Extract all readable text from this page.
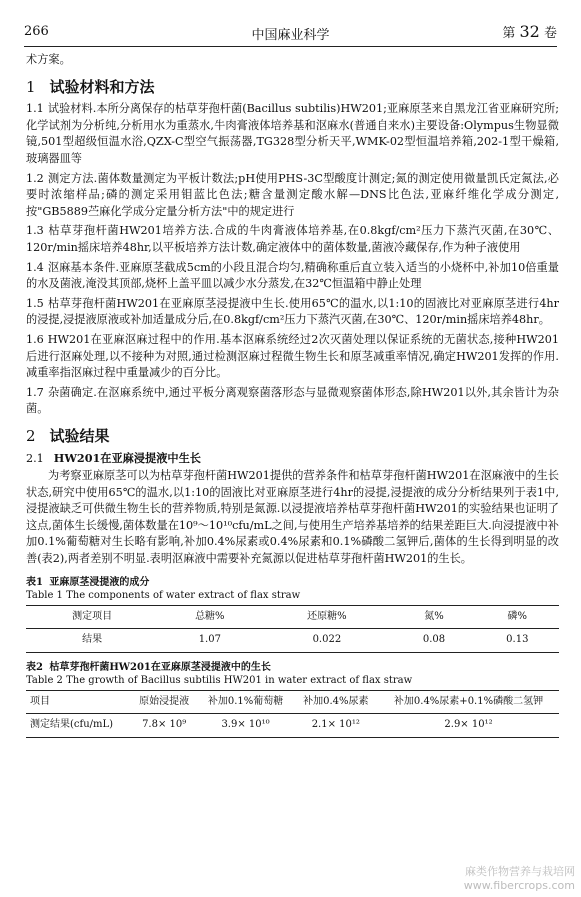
266	中国麻业科学	第 32 卷

术方案。

1 试验材料和方法

1.1 试验材料.本所分离保存的枯草芽孢杆菌(Bacillus subtilis)HW201;亚麻原茎来自黑龙江省亚麻研究所;化学试剂为分析纯,分析用水为重蒸水,牛肉膏液体培养基和沤麻水(普通自来水)主要设备:Olympus生物显微镜,501型超级恒温水浴,QZX-C型空气振荡器,TG328型分析天平,WMK-02型恒温培养箱,202-1型干燥箱,玻璃器皿等

1.2 测定方法.菌体数量测定为平板计数法;pH使用PHS-3C型酸度计测定;氮的测定使用微量凯氏定氮法,必要时浓缩样品;磷的测定采用钼蓝比色法;糖含量测定酸水解—DNS比色法,亚麻纤维化学成分测定,按"GB5889苎麻化学成分定量分析方法"中的规定进行

1.3 枯草芽孢杆菌HW201培养方法.合成的牛肉膏液体培养基,在0.8kgf/cm²压力下蒸汽灭菌,在30℃、120r/min摇床培养48hr,以平板培养方法计数,确定液体中的菌体数量,菌液冷藏保存,作为种子液使用

1.4 沤麻基本条件.亚麻原茎截成5cm的小段且混合均匀,精确称重后直立装入适当的小烧杯中,补加10倍重量的水及菌液,淹没其顶部,烧杯上盖平皿以减少水分蒸发,在32℃恒温箱中静止处理

1.5 枯草芽孢杆菌HW201在亚麻原茎浸提液中生长.使用65℃的温水,以1:10的固液比对亚麻原茎进行4hr的浸提,浸提液原液或补加适量成分后,在0.8kgf/cm²压力下蒸汽灭菌,在30℃、120r/min摇床培养48hr。

1.6 HW201在亚麻沤麻过程中的作用.基本沤麻系统经过2次灭菌处理以保证系统的无菌状态,接种HW201后进行沤麻处理,以不接种为对照,通过检测沤麻过程微生物生长和原茎减重率情况,确定HW201发挥的作用.减重率指沤麻过程中重量减少的百分比。

1.7 杂菌确定.在沤麻系统中,通过平板分离观察菌落形态与显微观察菌体形态,除HW201以外,其余皆计为杂菌。

2 试验结果

2.1 HW201在亚麻浸提液中生长

为考察亚麻原茎可以为枯草芽孢杆菌HW201提供的营养条件和枯草芽孢杆菌HW201在沤麻液中的生长状态,研究中使用65℃的温水,以1:10的固液比对亚麻原茎进行4hr的浸提,浸提液的成分分析结果列于表1中,浸提液缺乏可供微生物生长的营养物质,特别是氮源.以浸提液培养枯草芽孢杆菌HW201的实验结果也证明了这点,菌体生长缓慢,菌体数量在10⁹～10¹⁰cfu/mL之间,与使用生产培养基培养的结果差距巨大.向浸提液中补加0.1%葡萄糖对生长略有影响,补加0.4%尿素或0.4%尿素和0.1%磷酸二氢钾后,菌体的生长得到明显的改善(表2),两者差别不明显.表明沤麻液中需要补充氮源以促进枯草芽孢杆菌HW201的生长。

表1 亚麻原茎浸提液的成分
Table 1 The components of water extract of flax straw
测定项目	总糖%	还原糖%	氮%	磷%
结果	1.07	0.022	0.08	0.13
表2 枯草芽孢杆菌HW201在亚麻原茎浸提液中的生长
Table 2 The growth of Bacillus subtilis HW201 in water extract of flax straw
项目	原始浸提液	补加0.1%葡萄糖	补加0.4%尿素	补加0.4%尿素+0.1%磷酸二氢钾
测定结果(cfu/mL)	7.8× 10⁹	3.9× 10¹⁰	2.1× 10¹²	2.9× 10¹²
麻类作物营养与栽培网
www.fibercrops.com
